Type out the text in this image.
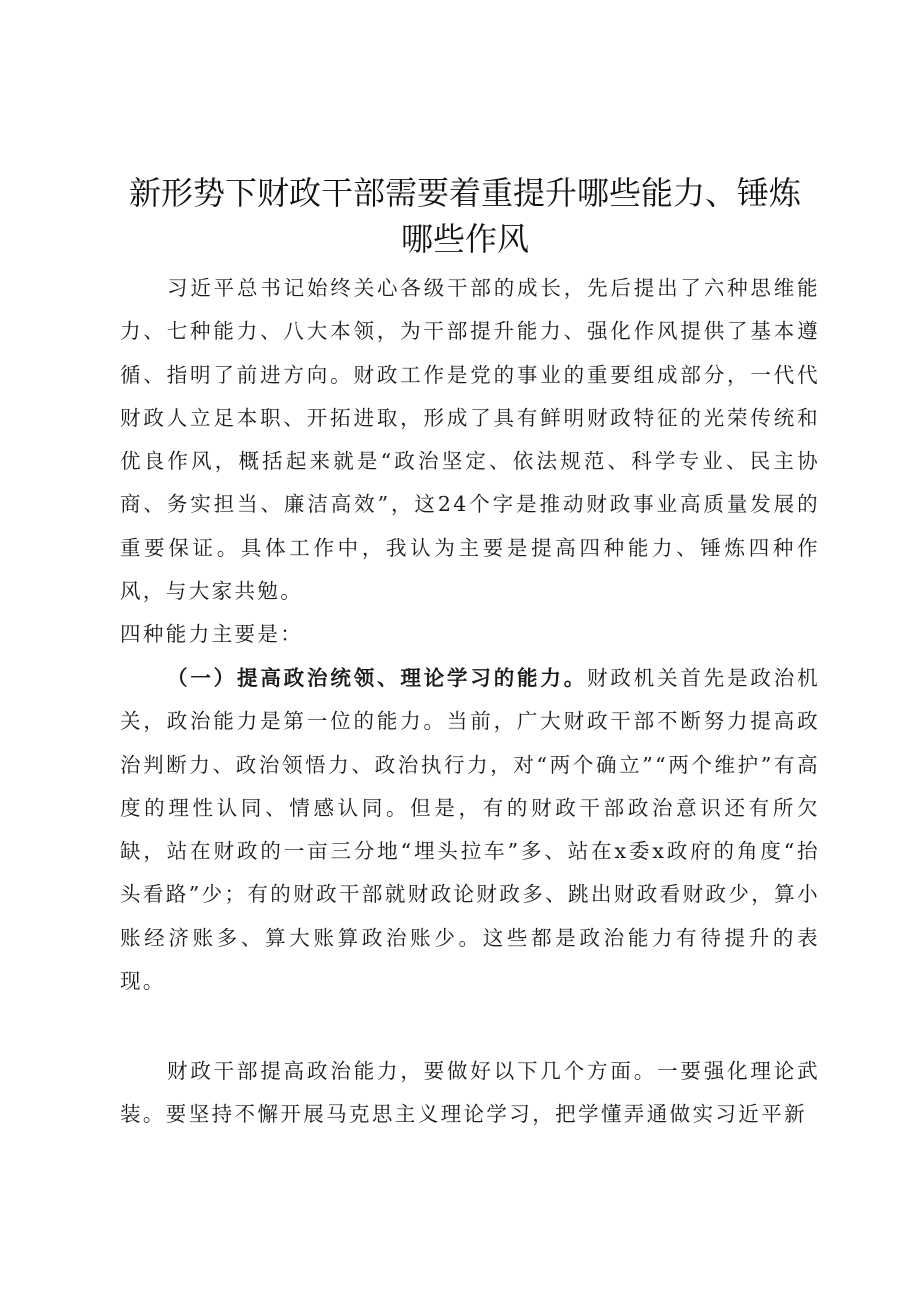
新形势下财政干部需要着重提升哪些能力、锤炼哪些作风
习近平总书记始终关心各级干部的成长，先后提出了六种思维能力、七种能力、八大本领，为干部提升能力、强化作风提供了基本遵循、指明了前进方向。财政工作是党的事业的重要组成部分，一代代财政人立足本职、开拓进取，形成了具有鲜明财政特征的光荣传统和优良作风，概括起来就是“政治坚定、依法规范、科学专业、民主协商、务实担当、廉洁高效”，这24个字是推动财政事业高质量发展的重要保证。具体工作中，我认为主要是提高四种能力、锤炼四种作风，与大家共勉。
四种能力主要是：
（一）提高政治统领、理论学习的能力。财政机关首先是政治机关，政治能力是第一位的能力。当前，广大财政干部不断努力提高政治判断力、政治领悟力、政治执行力，对“两个确立”“两个维护”有高度的理性认同、情感认同。但是，有的财政干部政治意识还有所欠缺，站在财政的一亩三分地“埋头拉车”多、站在x委x政府的角度“抬头看路”少；有的财政干部就财政论财政多、跳出财政看财政少，算小账经济账多、算大账算政治账少。这些都是政治能力有待提升的表现。
财政干部提高政治能力，要做好以下几个方面。一要强化理论武装。要坚持不懈开展马克思主义理论学习，把学懂弄通做实习近平新
